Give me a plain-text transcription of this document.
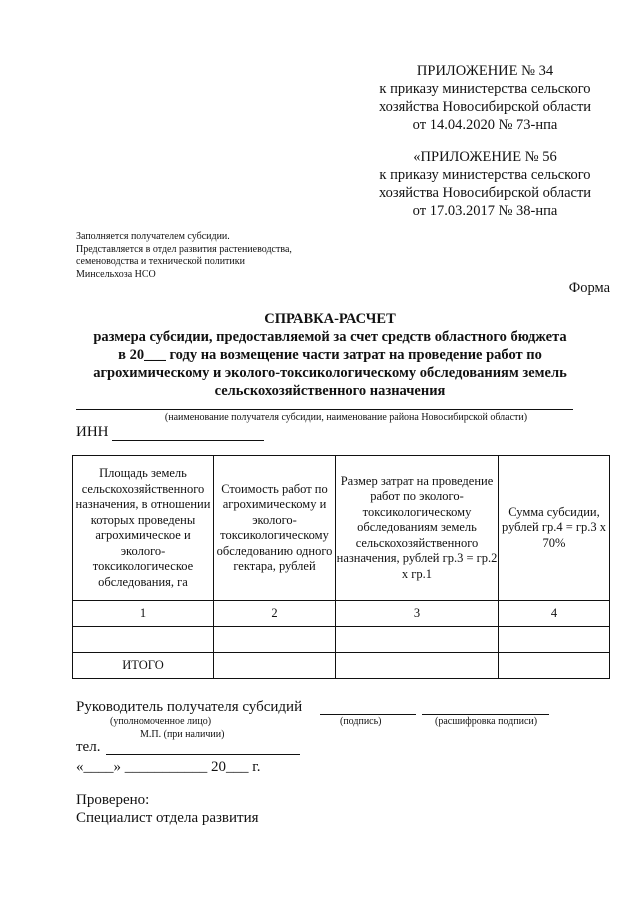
ПРИЛОЖЕНИЕ № 34
к приказу министерства сельского
хозяйства Новосибирской области
от 14.04.2020 № 73-нпа
«ПРИЛОЖЕНИЕ № 56
к приказу министерства сельского
хозяйства Новосибирской области
от 17.03.2017 № 38-нпа
Заполняется получателем субсидии.
Представляется в отдел развития растениеводства,
семеноводства и технической политики
Минсельхоза НСО
Форма
СПРАВКА-РАСЧЕТ
размера субсидии, предоставляемой за счет средств областного бюджета
в 20___ году на возмещение части затрат на проведение работ по
агрохимическому и эколого-токсикологическому обследованиям земель
сельскохозяйственного назначения
(наименование получателя субсидии, наименование района Новосибирской области)
ИНН
Площадь земель сельскохозяйственного назначения, в отношении которых проведены агрохимическое и эколого-токсикологическое обследования, га	Стоимость работ по агрохимическому и эколого-токсикологическому обследованию одного гектара, рублей	Размер затрат на проведение работ по эколого-токсикологическому обследованиям земель сельскохозяйственного назначения, рублей гр.3 = гр.2 х гр.1	Сумма субсидии, рублей гр.4 = гр.3 х 70%
1	2	3	4

ИТОГО			
Руководитель получателя субсидий
(уполномоченное лицо)	(подпись)	(расшифровка подписи)
М.П. (при наличии)
тел.
«____» ___________ 20___ г.
Проверено:
Специалист отдела развития
